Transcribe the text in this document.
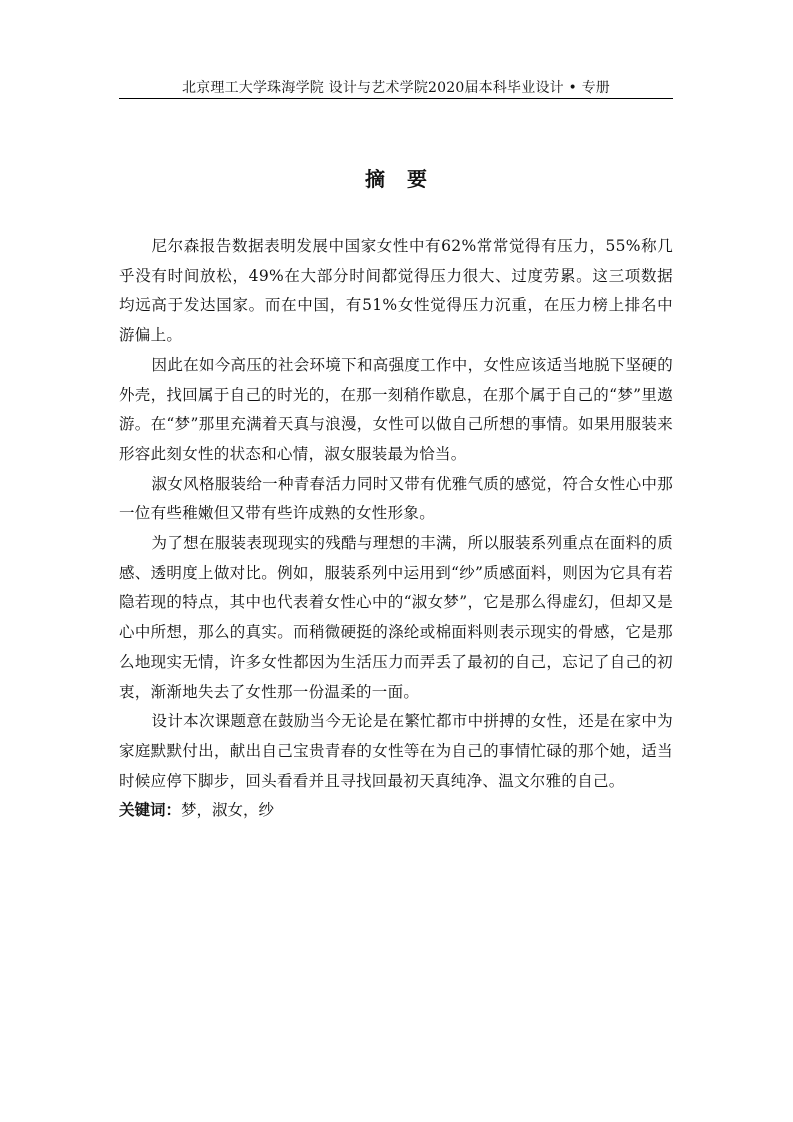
北京理工大学珠海学院 设计与艺术学院2020届本科毕业设计 • 专册
摘要

尼尔森报告数据表明发展中国家女性中有62%常常觉得有压力，55%称几乎没有时间放松，49%在大部分时间都觉得压力很大、过度劳累。这三项数据均远高于发达国家。而在中国，有51%女性觉得压力沉重，在压力榜上排名中游偏上。

因此在如今高压的社会环境下和高强度工作中，女性应该适当地脱下坚硬的外壳，找回属于自己的时光的，在那一刻稍作歇息，在那个属于自己的“梦”里遨游。在“梦”那里充满着天真与浪漫，女性可以做自己所想的事情。如果用服装来形容此刻女性的状态和心情，淑女服装最为恰当。

淑女风格服装给一种青春活力同时又带有优雅气质的感觉，符合女性心中那一位有些稚嫩但又带有些许成熟的女性形象。

为了想在服装表现现实的残酷与理想的丰满，所以服装系列重点在面料的质感、透明度上做对比。例如，服装系列中运用到“纱”质感面料，则因为它具有若隐若现的特点，其中也代表着女性心中的“淑女梦”，它是那么得虚幻，但却又是心中所想，那么的真实。而稍微硬挺的涤纶或棉面料则表示现实的骨感，它是那么地现实无情，许多女性都因为生活压力而弄丢了最初的自己，忘记了自己的初衷，渐渐地失去了女性那一份温柔的一面。

设计本次课题意在鼓励当今无论是在繁忙都市中拼搏的女性，还是在家中为家庭默默付出，献出自己宝贵青春的女性等在为自己的事情忙碌的那个她，适当时候应停下脚步，回头看看并且寻找回最初天真纯净、温文尔雅的自己。

关键词：梦，淑女，纱
